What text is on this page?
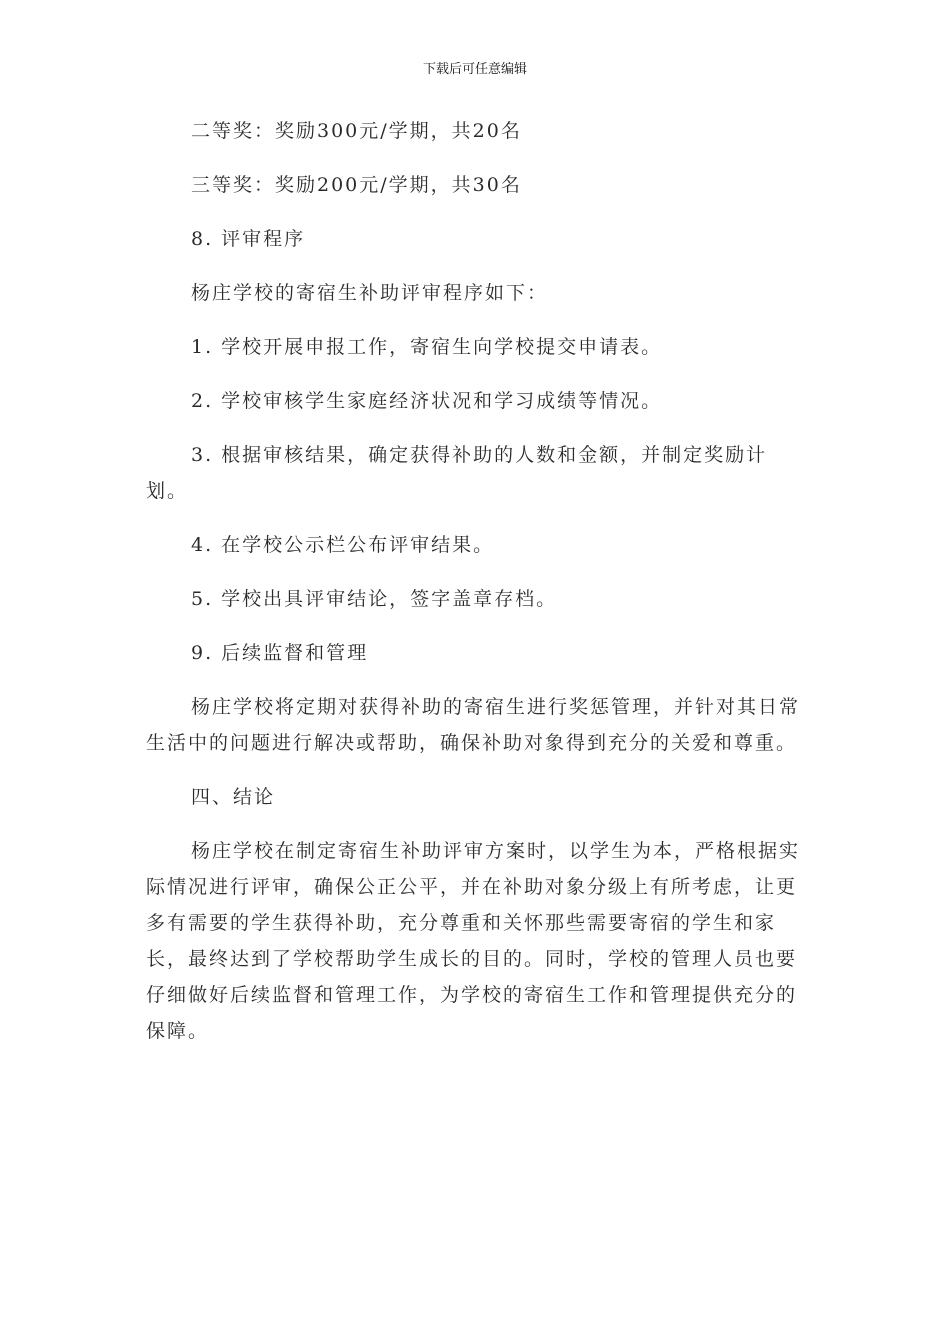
下载后可任意编辑

二等奖：奖励300元/学期，共20名

三等奖：奖励200元/学期，共30名

8. 评审程序

杨庄学校的寄宿生补助评审程序如下：

1. 学校开展申报工作，寄宿生向学校提交申请表。

2. 学校审核学生家庭经济状况和学习成绩等情况。

3. 根据审核结果，确定获得补助的人数和金额，并制定奖励计划。

4. 在学校公示栏公布评审结果。

5. 学校出具评审结论，签字盖章存档。

9. 后续监督和管理

杨庄学校将定期对获得补助的寄宿生进行奖惩管理，并针对其日常生活中的问题进行解决或帮助，确保补助对象得到充分的关爱和尊重。

四、结论

杨庄学校在制定寄宿生补助评审方案时，以学生为本，严格根据实际情况进行评审，确保公正公平，并在补助对象分级上有所考虑，让更多有需要的学生获得补助，充分尊重和关怀那些需要寄宿的学生和家长，最终达到了学校帮助学生成长的目的。同时，学校的管理人员也要仔细做好后续监督和管理工作，为学校的寄宿生工作和管理提供充分的保障。
